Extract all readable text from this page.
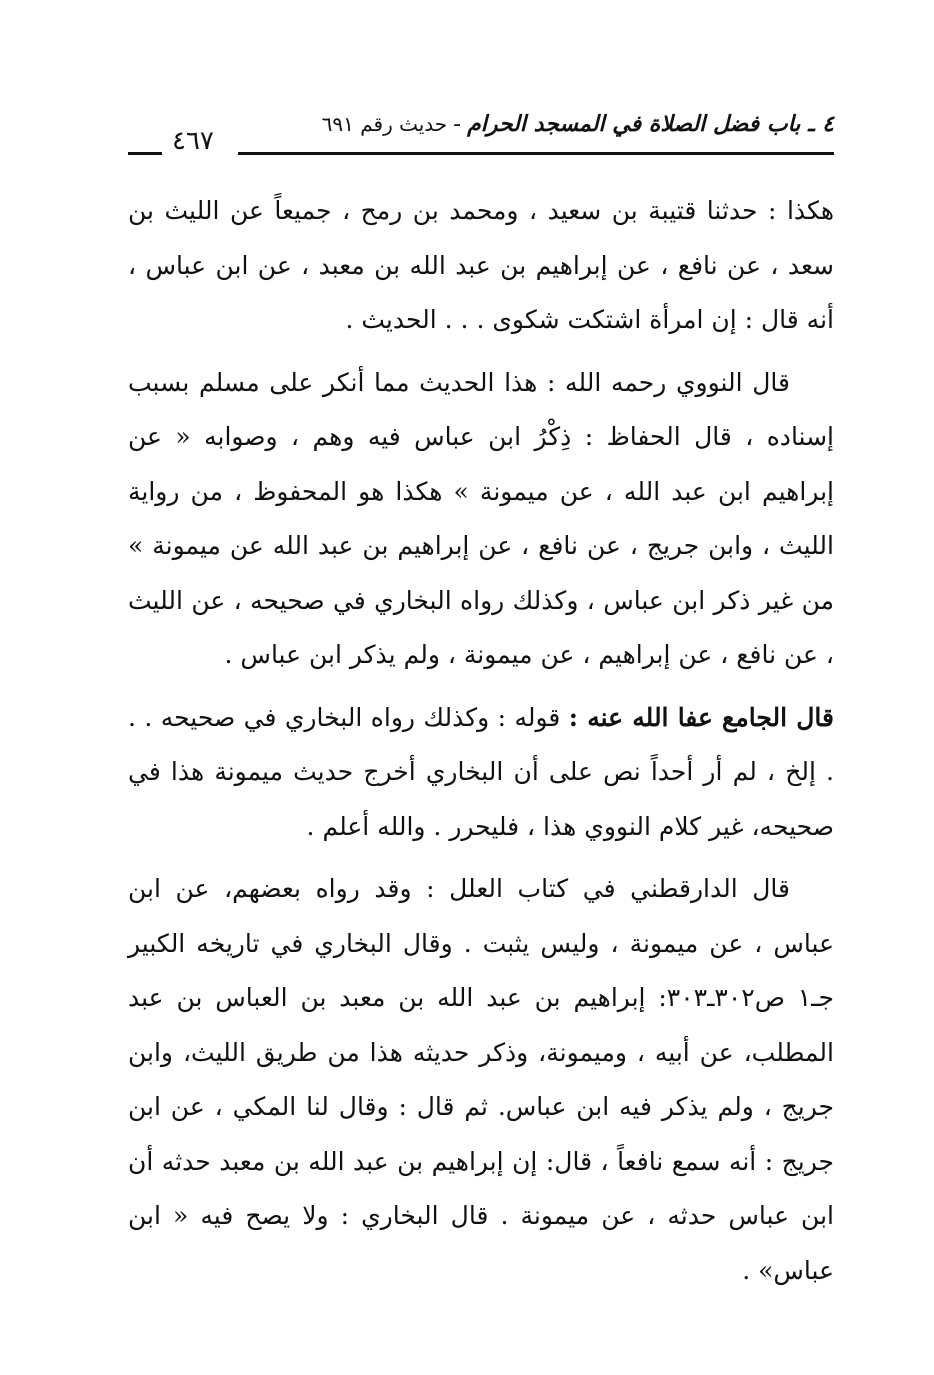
٤ ـ باب فضل الصلاة في المسجد الحرام-حديث رقم ٦٩١
٤٦٧

هكذا : حدثنا قتيبة بن سعيد ، ومحمد بن رمح ، جميعاً عن الليث بن سعد ، عن نافع ، عن إبراهيم بن عبد الله بن معبد ، عن ابن عباس ، أنه قال : إن امرأة اشتكت شكوى . . . الحديث .

قال النووي رحمه الله : هذا الحديث مما أنكر على مسلم بسبب إسناده ، قال الحفاظ : ذِكْرُ ابن عباس فيه وهم ، وصوابه « عن إبراهيم ابن عبد الله ، عن ميمونة » هكذا هو المحفوظ ، من رواية الليث ، وابن جريج ، عن نافع ، عن إبراهيم بن عبد الله عن ميمونة » من غير ذكر ابن عباس ، وكذلك رواه البخاري في صحيحه ، عن الليث ، عن نافع ، عن إبراهيم ، عن ميمونة ، ولم يذكر ابن عباس .

قال الجامع عفا الله عنه : قوله : وكذلك رواه البخاري في صحيحه . . . إلخ ، لم أر أحداً نص على أن البخاري أخرج حديث ميمونة هذا في صحيحه، غير كلام النووي هذا ، فليحرر . والله أعلم .

قال الدارقطني في كتاب العلل : وقد رواه بعضهم، عن ابن عباس ، عن ميمونة ، وليس يثبت . وقال البخاري في تاريخه الكبير جـ١ ص٣٠٢ـ٣٠٣: إبراهيم بن عبد الله بن معبد بن العباس بن عبد المطلب، عن أبيه ، وميمونة، وذكر حديثه هذا من طريق الليث، وابن جريج ، ولم يذكر فيه ابن عباس. ثم قال : وقال لنا المكي ، عن ابن جريج : أنه سمع نافعاً ، قال: إن إبراهيم بن عبد الله بن معبد حدثه أن ابن عباس حدثه ، عن ميمونة . قال البخاري : ولا يصح فيه « ابن عباس» .
